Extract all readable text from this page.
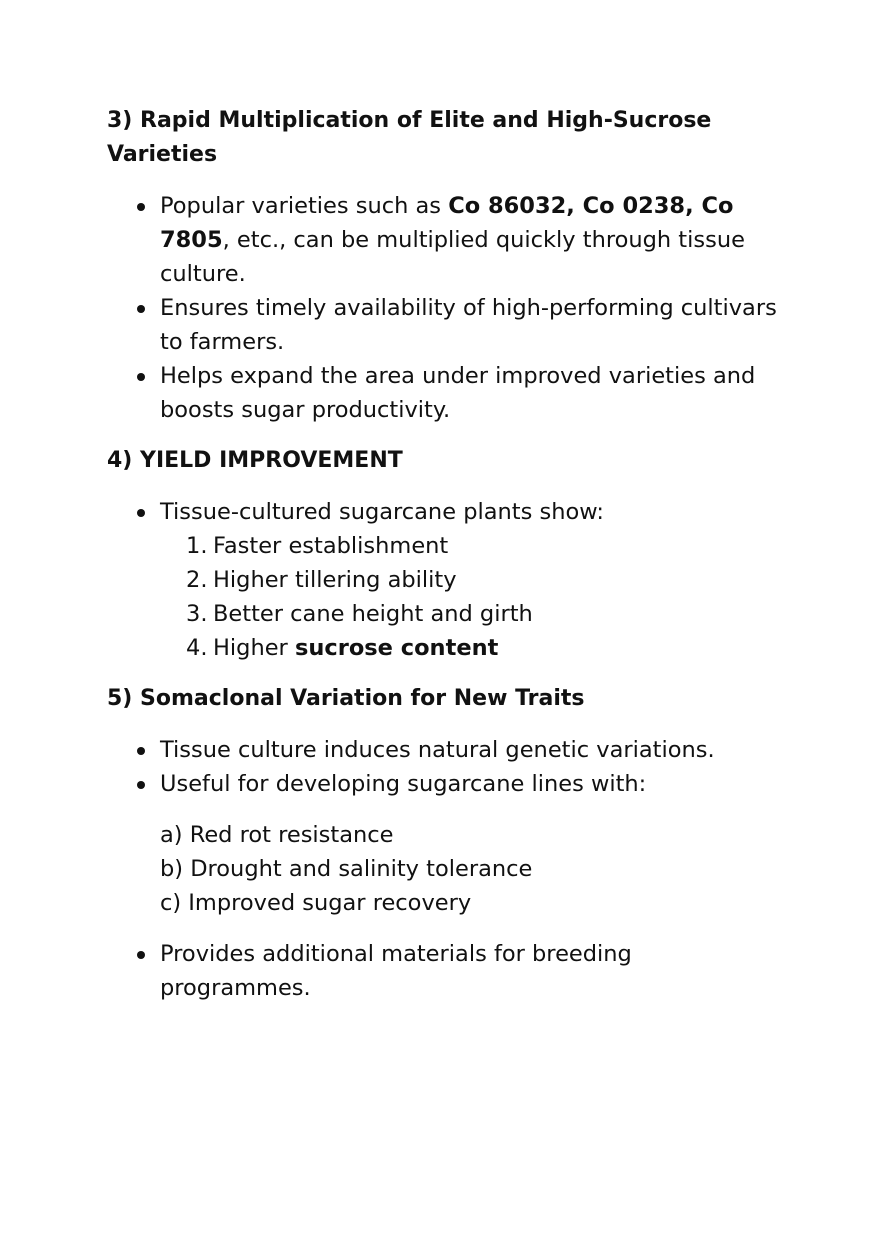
3) Rapid Multiplication of Elite and High-Sucrose Varieties
Popular varieties such as Co 86032, Co 0238, Co 7805, etc., can be multiplied quickly through tissue culture.
Ensures timely availability of high-performing cultivars to farmers.
Helps expand the area under improved varieties and boosts sugar productivity.
4) YIELD IMPROVEMENT
Tissue-cultured sugarcane plants show:
1. Faster establishment
2. Higher tillering ability
3. Better cane height and girth
4. Higher sucrose content
5) Somaclonal Variation for New Traits
Tissue culture induces natural genetic variations.
Useful for developing sugarcane lines with:
a) Red rot resistance
b) Drought and salinity tolerance
c) Improved sugar recovery
Provides additional materials for breeding programmes.
